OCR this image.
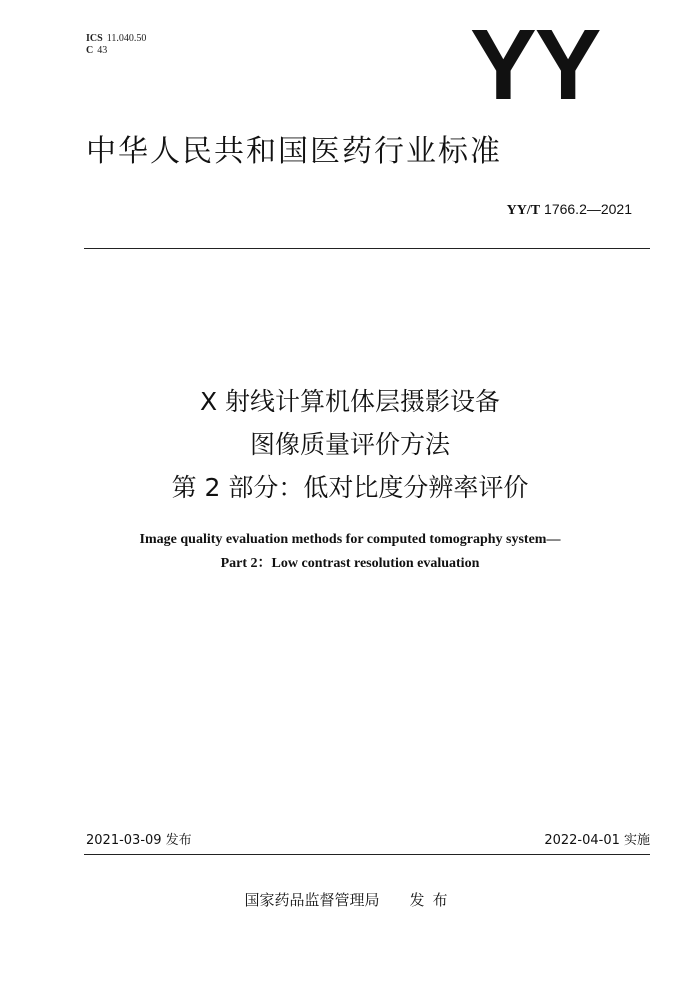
ICS 11.040.50
C 43	YY
中华人民共和国医药行业标准
YY/T 1766.2—2021
X 射线计算机体层摄影设备
图像质量评价方法
第 2 部分：低对比度分辨率评价
Image quality evaluation methods for computed tomography system—
Part 2：Low contrast resolution evaluation
2021-03-09 发布	2022-04-01 实施
国家药品监督管理局 发布
